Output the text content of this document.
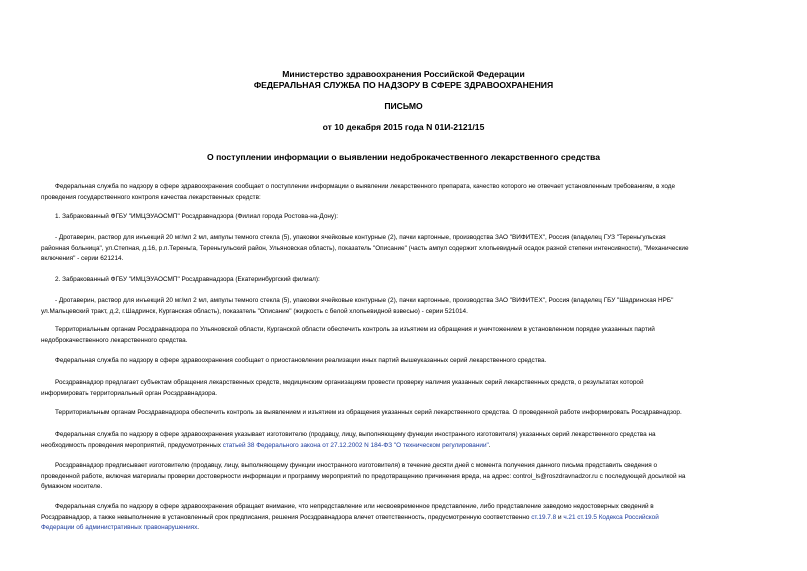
Министерство здравоохранения Российской Федерации
ФЕДЕРАЛЬНАЯ СЛУЖБА ПО НАДЗОРУ В СФЕРЕ ЗДРАВООХРАНЕНИЯ
ПИСЬМО
от 10 декабря 2015 года N 01И-2121/15
О поступлении информации о выявлении недоброкачественного лекарственного средства
Федеральная служба по надзору в сфере здравоохранения сообщает о поступлении информации о выявлении лекарственного препарата, качество которого не отвечает установленным требованиям, в ходе
проведения государственного контроля качества лекарственных средств:
1. Забракованный ФГБУ "ИМЦЭУАОСМП" Росздравнадзора (Филиал города Ростова-на-Дону):
- Дротаверин, раствор для инъекций 20 мг/мл 2 мл, ампулы темного стекла (5), упаковки ячейковые контурные (2), пачки картонные, производства ЗАО "ВИФИТЕХ", Россия (владелец ГУЗ "Тереньгульская
районная больница", ул.Степная, д.16, р.п.Тереньга, Тереньгульский район, Ульяновская область), показатель "Описание" (часть ампул содержит хлопьевидный осадок разной степени интенсивности), "Механические
включения" - серии 621214.
2. Забракованный ФГБУ "ИМЦЭУАОСМП" Росздравнадзора (Екатеринбургский филиал):
- Дротаверин, раствор для инъекций 20 мг/мл 2 мл, ампулы темного стекла (5), упаковки ячейковые контурные (2), пачки картонные, производства ЗАО "ВИФИТЕХ", Россия (владелец ГБУ "Шадринская НРБ"
ул.Мальцевский тракт, д.2, г.Шадринск, Курганская область), показатель "Описание" (жидкость с белой хлопьевидной взвесью) - серии 521014.
Территориальным органам Росздравнадзора по Ульяновской области, Курганской области обеспечить контроль за изъятием из обращения и уничтожением в установленном порядке указанных партий
недоброкачественного лекарственного средства.
Федеральная служба по надзору в сфере здравоохранения сообщает о приостановлении реализации иных партий вышеуказанных серий лекарственного средства.
Росздравнадзор предлагает субъектам обращения лекарственных средств, медицинским организациям провести проверку наличия указанных серий лекарственных средств, о результатах которой
информировать территориальный орган Росздравнадзора.
Территориальным органам Росздравнадзора обеспечить контроль за выявлением и изъятием из обращения указанных серий лекарственного средства. О проведенной работе информировать Росздравнадзор.
Федеральная служба по надзору в сфере здравоохранения указывает изготовителю (продавцу, лицу, выполняющему функции иностранного изготовителя) указанных серий лекарственного средства на
необходимость проведения мероприятий, предусмотренных статьей 38 Федерального закона от 27.12.2002 N 184-ФЗ "О техническом регулировании".
Росздравнадзор предписывает изготовителю (продавцу, лицу, выполняющему функции иностранного изготовителя) в течение десяти дней с момента получения данного письма представить сведения о
проведенной работе, включая материалы проверки достоверности информации и программу мероприятий по предотвращению причинения вреда, на адрес: control_ls@roszdravnadzor.ru с последующей досылкой на
бумажном носителе.
Федеральная служба по надзору в сфере здравоохранения обращает внимание, что непредставление или несвоевременное представление, либо представление заведомо недостоверных сведений в
Росздравнадзор, а также невыполнение в установленный срок предписания, решения Росздравнадзора влечет ответственность, предусмотренную соответственно ст.19.7.8 и ч.21 ст.19.5 Кодекса Российской
Федерации об административных правонарушениях.
